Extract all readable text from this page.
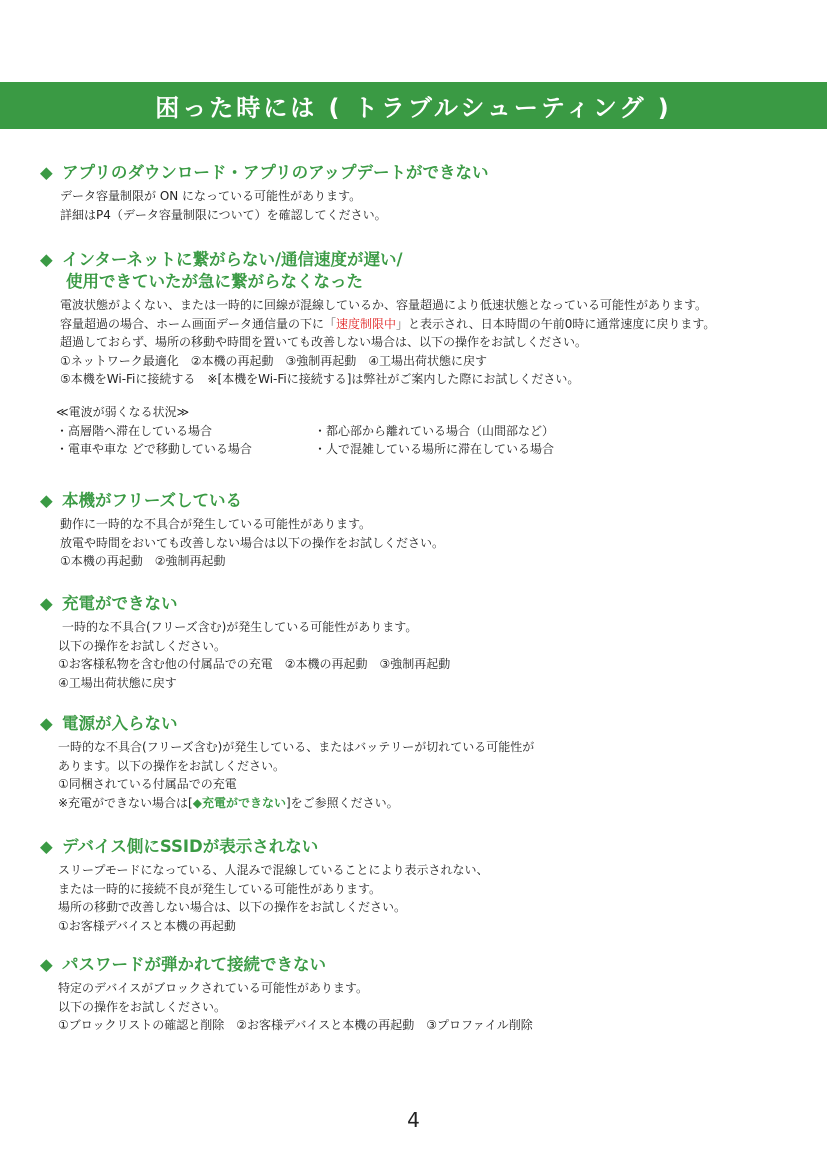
困った時には ( トラブルシューティング )
◆ アプリのダウンロード・アプリのアップデートができない

データ容量制限が ON になっている可能性があります。

詳細はP4（データ容量制限について）を確認してください。

◆ インターネットに繋がらない/通信速度が遅い/

使用できていたが急に繋がらなくなった

電波状態がよくない、または一時的に回線が混線しているか、容量超過により低速状態となっている可能性があります。

容量超過の場合、ホーム画面データ通信量の下に「速度制限中」と表示され、日本時間の午前0時に通常速度に戻ります。

超過しておらず、場所の移動や時間を置いても改善しない場合は、以下の操作をお試しください。

①ネットワーク最適化　②本機の再起動　③強制再起動　④工場出荷状態に戻す

⑤本機をWi-Fiに接続する　※[本機をWi-Fiに接続する]は弊社がご案内した際にお試しください。

≪電波が弱くなる状況≫

・高層階へ滞在している場合	・都心部から離れている場合（山間部など）
・電車や車な どで移動している場合	・人で混雑している場所に滞在している場合
◆ 本機がフリーズしている

動作に一時的な不具合が発生している可能性があります。

放電や時間をおいても改善しない場合は以下の操作をお試しください。

①本機の再起動　②強制再起動

◆ 充電ができない

一時的な不具合(フリーズ含む)が発生している可能性があります。

以下の操作をお試しください。

①お客様私物を含む他の付属品での充電　②本機の再起動　③強制再起動

④工場出荷状態に戻す

◆ 電源が入らない

一時的な不具合(フリーズ含む)が発生している、またはバッテリーが切れている可能性が

あります。以下の操作をお試しください。

①同梱されている付属品での充電

※充電ができない場合は[◆充電ができない]をご参照ください。

◆ デバイス側にSSIDが表示されない

スリープモードになっている、人混みで混線していることにより表示されない、

または一時的に接続不良が発生している可能性があります。

場所の移動で改善しない場合は、以下の操作をお試しください。

①お客様デバイスと本機の再起動

◆ パスワードが弾かれて接続できない

特定のデバイスがブロックされている可能性があります。

以下の操作をお試しください。

①ブロックリストの確認と削除　②お客様デバイスと本機の再起動　③プロファイル削除

4
